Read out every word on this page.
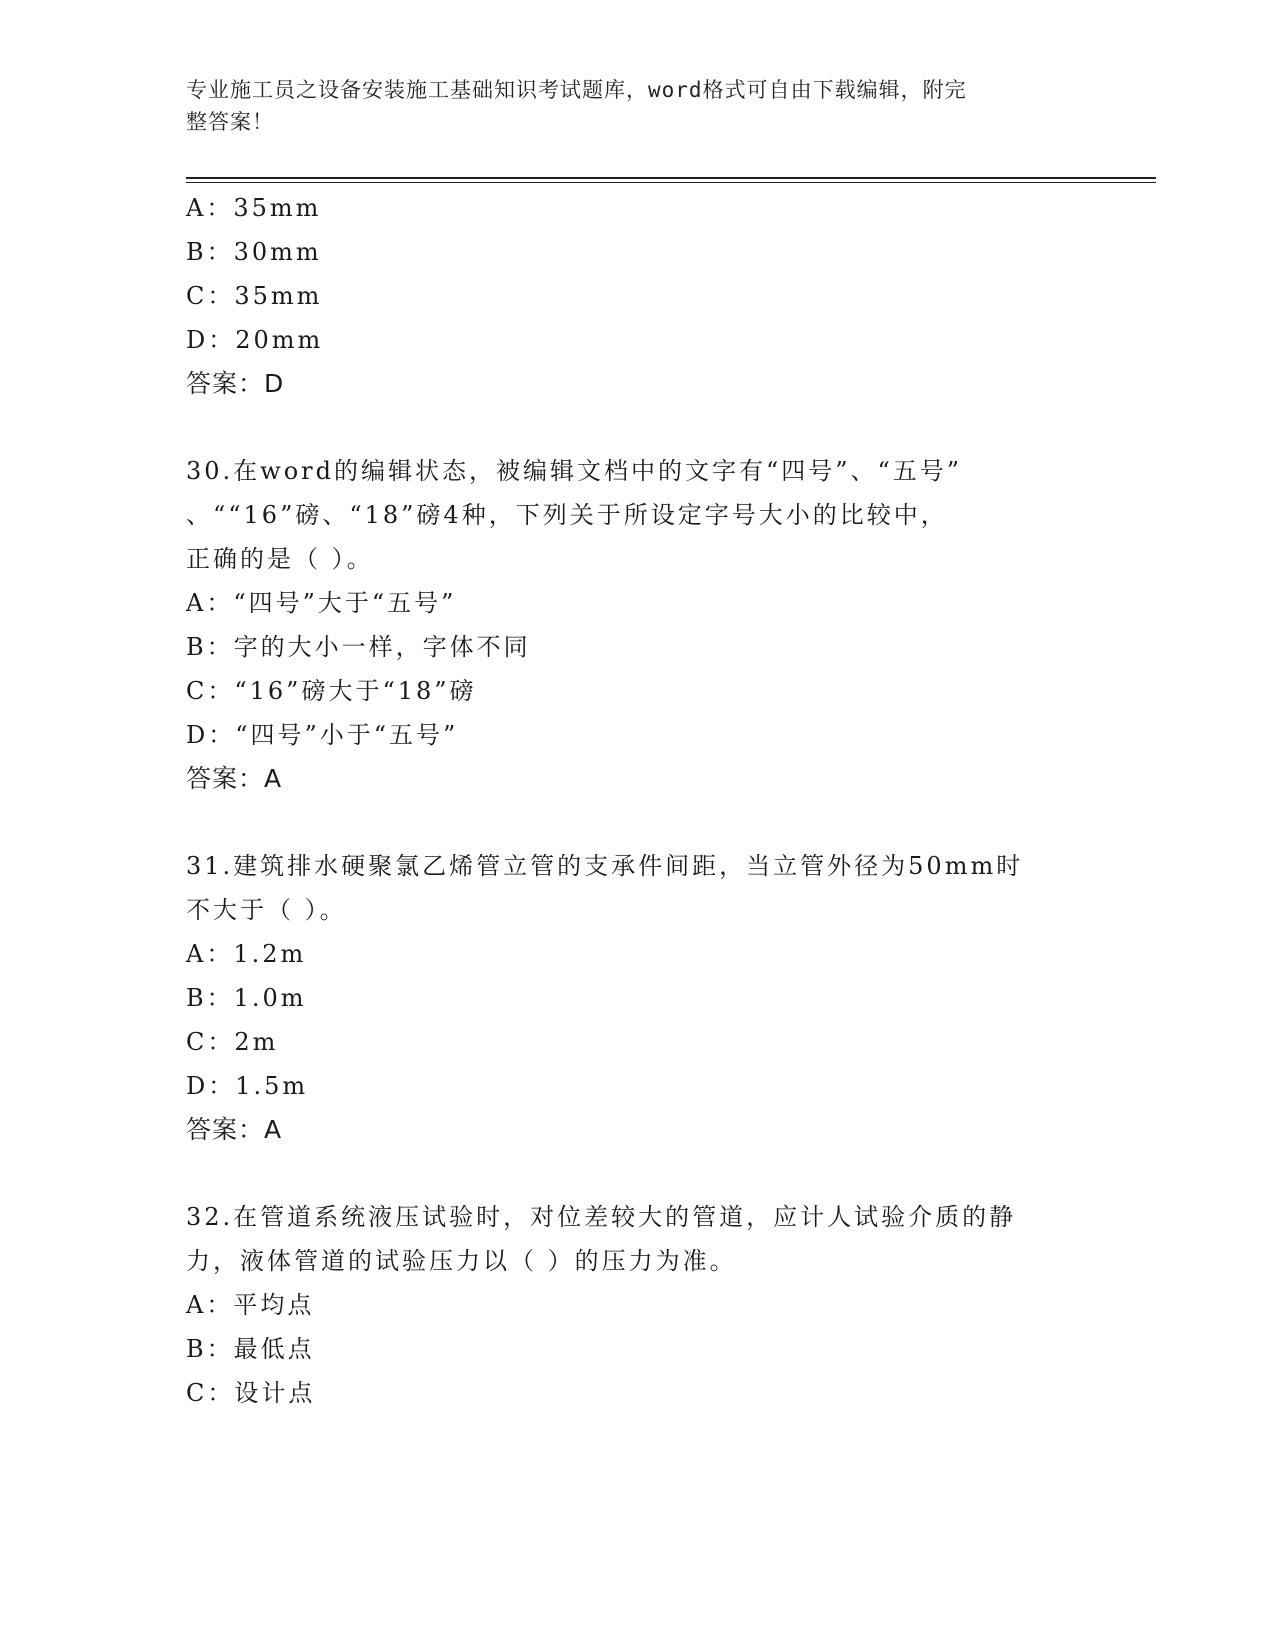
专业施工员之设备安装施工基础知识考试题库，word格式可自由下载编辑，附完
整答案！
A：35mm
B：30mm
C：35mm
D：20mm
答案：D
30.在word的编辑状态，被编辑文档中的文字有“四号”、“五号”
、““16”磅、“18”磅4种，下列关于所设定字号大小的比较中，
正确的是（ ）。
A：“四号”大于“五号”
B：字的大小一样，字体不同
C：“16”磅大于“18”磅
D：“四号”小于“五号”
答案：A
31.建筑排水硬聚氯乙烯管立管的支承件间距，当立管外径为50mm时
不大于（ ）。
A：1.2m
B：1.0m
C：2m
D：1.5m
答案：A
32.在管道系统液压试验时，对位差较大的管道，应计人试验介质的静
力，液体管道的试验压力以（ ）的压力为准。
A：平均点
B：最低点
C：设计点
